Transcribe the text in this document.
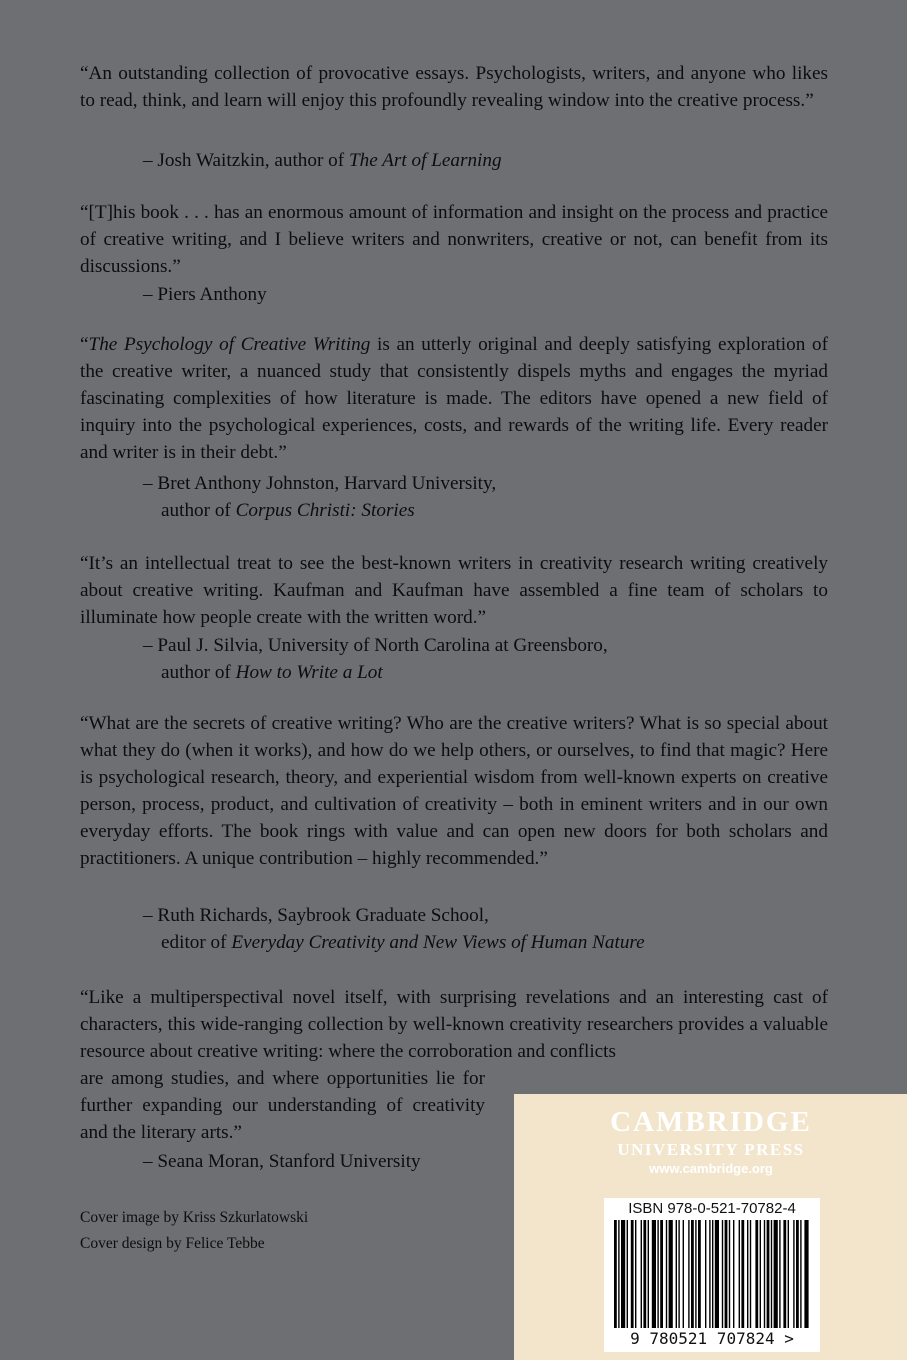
“An outstanding collection of provocative essays. Psychologists, writers, and anyone who likes to read, think, and learn will enjoy this profoundly revealing window into the creative process.”

– Josh Waitzkin, author of The Art of Learning

“[T]his book . . . has an enormous amount of information and insight on the process and practice of creative writing, and I believe writers and nonwriters, creative or not, can benefit from its discussions.”

– Piers Anthony

“The Psychology of Creative Writing is an utterly original and deeply satisfying exploration of the creative writer, a nuanced study that consistently dispels myths and engages the myriad fascinating complexities of how literature is made. The editors have opened a new field of inquiry into the psychological experiences, costs, and rewards of the writing life. Every reader and writer is in their debt.”

– Bret Anthony Johnston, Harvard University,
author of Corpus Christi: Stories

“It’s an intellectual treat to see the best-known writers in creativity research writing creatively about creative writing. Kaufman and Kaufman have assembled a fine team of scholars to illuminate how people create with the written word.”

– Paul J. Silvia, University of North Carolina at Greensboro,
author of How to Write a Lot

“What are the secrets of creative writing? Who are the creative writers? What is so special about what they do (when it works), and how do we help others, or ourselves, to find that magic? Here is psychological research, theory, and experiential wisdom from well-known experts on creative person, process, product, and cultivation of creativity – both in eminent writers and in our own everyday efforts. The book rings with value and can open new doors for both scholars and practitioners. A unique contribution – highly recommended.”

– Ruth Richards, Saybrook Graduate School,
editor of Everyday Creativity and New Views of Human Nature

“Like a multiperspectival novel itself, with surprising revelations and an interesting cast of characters, this wide-ranging collection by well-known creativity researchers provides a valuable resource about creative writing: where the corroboration and conflicts

are among studies, and where opportunities lie for further expanding our understanding of creativity and the literary arts.”

– Seana Moran, Stanford University
Cover image by Kriss Szkurlatowski
Cover design by Felice Tebbe
CAMBRIDGE
UNIVERSITY PRESS
www.cambridge.org
ISBN 978-0-521-70782-4
9 780521 707824 >
